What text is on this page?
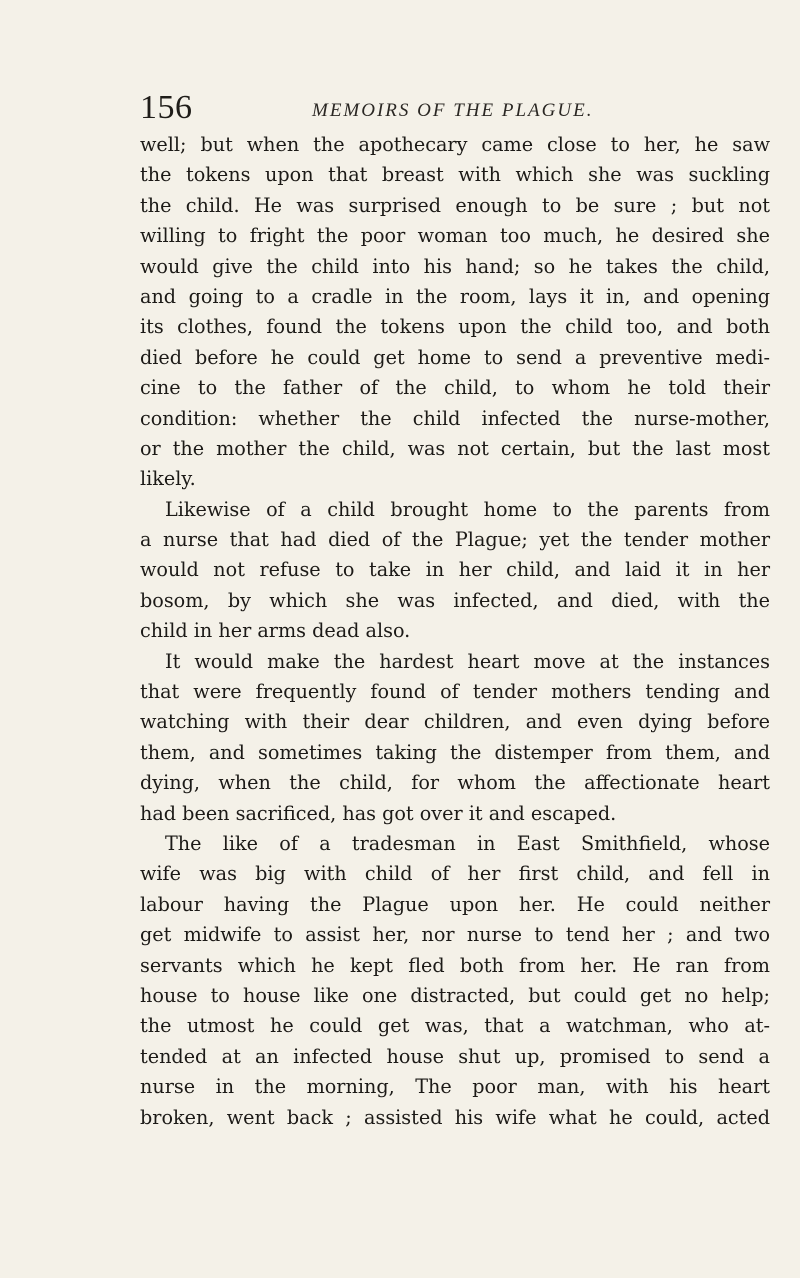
156	MEMOIRS OF THE PLAGUE.
well; but when the apothecary came close to her, he saw
the tokens upon that breast with which she was suckling
the child. He was surprised enough to be sure ; but not
willing to fright the poor woman too much, he desired she
would give the child into his hand; so he takes the child,
and going to a cradle in the room, lays it in, and opening
its clothes, found the tokens upon the child too, and both
died before he could get home to send a preventive medi-
cine to the father of the child, to whom he told their
condition: whether the child infected the nurse-mother,
or the mother the child, was not certain, but the last most
likely.
Likewise of a child brought home to the parents from
a nurse that had died of the Plague; yet the tender mother
would not refuse to take in her child, and laid it in her
bosom, by which she was infected, and died, with the
child in her arms dead also.
It would make the hardest heart move at the instances
that were frequently found of tender mothers tending and
watching with their dear children, and even dying before
them, and sometimes taking the distemper from them, and
dying, when the child, for whom the affectionate heart
had been sacrificed, has got over it and escaped.
The like of a tradesman in East Smithfield, whose
wife was big with child of her first child, and fell in
labour having the Plague upon her. He could neither
get midwife to assist her, nor nurse to tend her ; and two
servants which he kept fled both from her. He ran from
house to house like one distracted, but could get no help;
the utmost he could get was, that a watchman, who at-
tended at an infected house shut up, promised to send a
nurse in the morning, The poor man, with his heart
broken, went back ; assisted his wife what he could, acted
